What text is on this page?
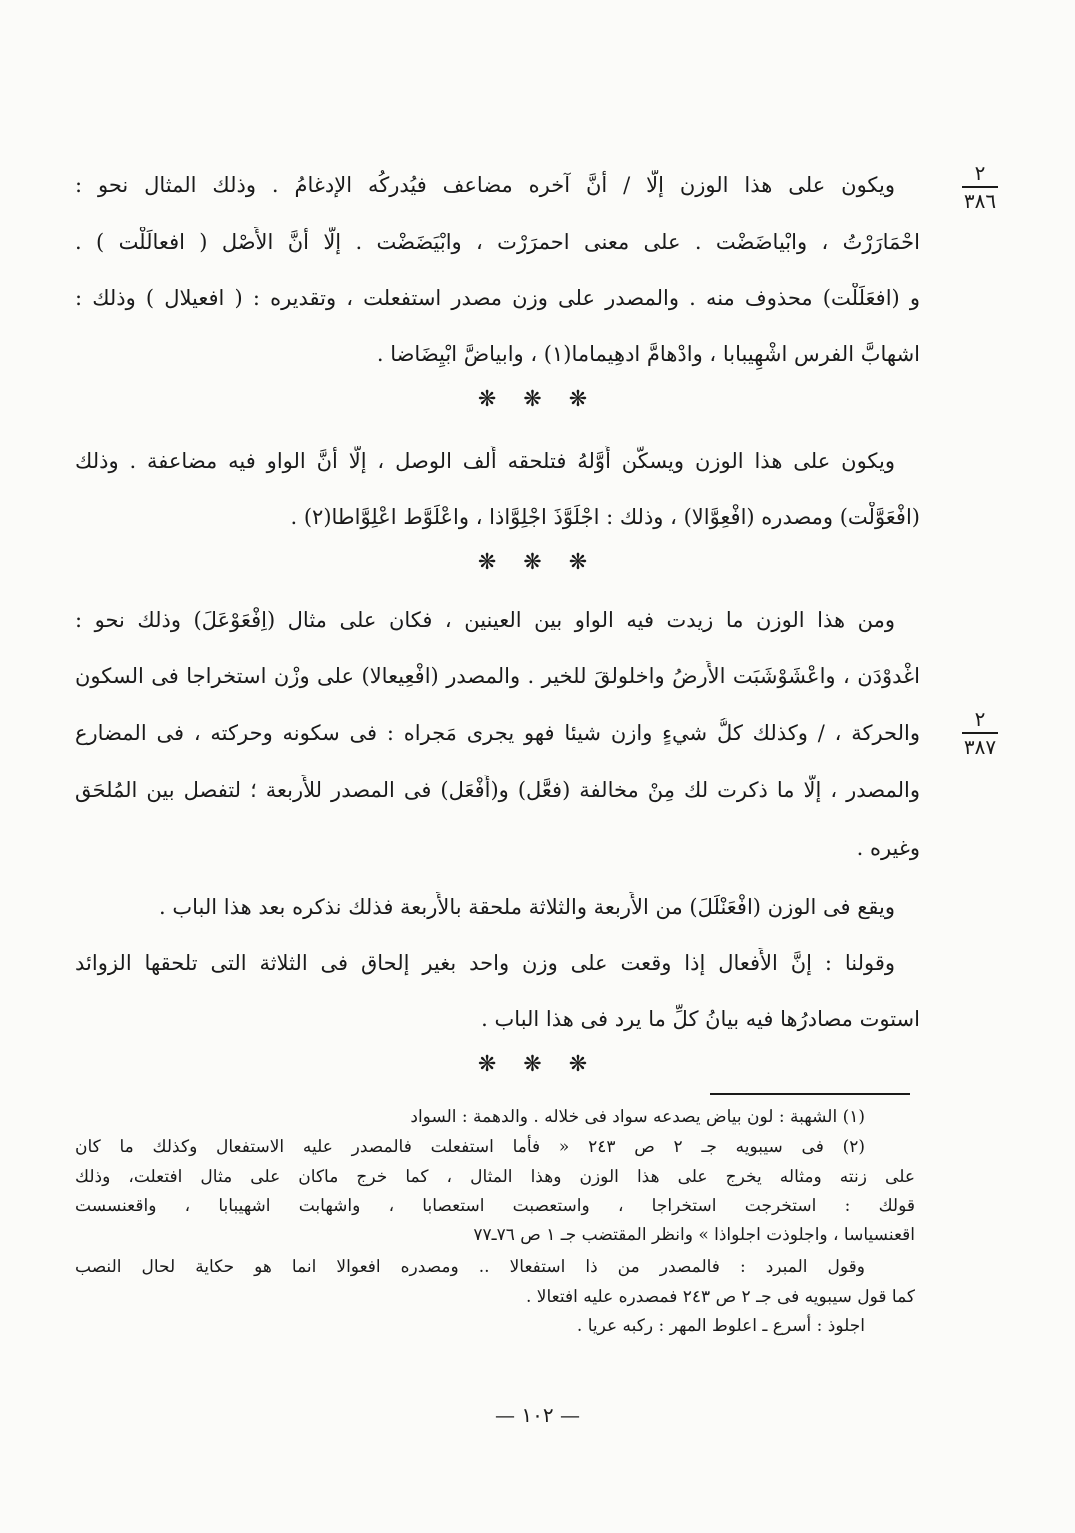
٢
٣٨٦
٢
٣٨٧
ويكون على هذا الوزن إلّا / أنَّ آخره مضاعف فيُدركُه الإدغامُ . وذلك المثال نحو :
احْمَارَرْتُ ، وابْياضَضْت . على معنى احمرَرْت ، وابْيَضَضْت . إلّا أنَّ الأَصْل ( افعالَلْت ) .
و (افعَلَلْت) محذوف منه . والمصدر على وزن مصدر استفعلت ، وتقديره : ( افعيلال ) وذلك :
اشهابَّ الفرس اشْهِيبابا ، وادْهامَّ ادهِيماما(١) ، وابياضَّ ابْيِضَاضا .
❋ ❋ ❋
ويكون على هذا الوزن ويسكَّن أَوَّلهُ فتلحقه أَلف الوصل ، إلّا أنَّ الواو فيه مضاعفة . وذلك
(افْعَوَّلْت) ومصدره (افْعِوَّالا) ، وذلك : اجْلَوَّذَ اجْلِوَّاذا ، واعْلَوَّط اعْلِوَّاطا(٢) .
❋ ❋ ❋
ومن هذا الوزن ما زيدت فيه الواو بين العينين ، فكان على مثال (اِفْعَوْعَلَ) وذلك نحو :
اغْدوْدَن ، واعْشَوْشَبَت الأَرضُ واخلولقَ للخير . والمصدر (افْعِيعالا) على وزْن استخراجا فى السكون
والحركة ، / وكذلك كلُّ شيءٍ وازن شيئا فهو يجرى مَجراه : فى سكونه وحركته ، فى المضارع
والمصدر ، إلّا ما ذكرت لك مِنْ مخالفة (فعَّل) و(أَفْعَل) فى المصدر للأَربعة ؛ لتفصل بين المُلحَق
وغيره .
ويقع فى الوزن (افْعَنْلَلَ) من الأَربعة والثلاثة ملحقة بالأَربعة فذلك نذكره بعد هذا الباب .
وقولنا : إنَّ الأَفعال إذا وقعت على وزن واحد بغير إلحاق فى الثلاثة التى تلحقها الزوائد
استوت مصادرُها فيه بيانُ كلِّ ما يرد فى هذا الباب .
❋ ❋ ❋
(١) الشهبة : لون بياض يصدعه سواد فى خلاله . والدهمة : السواد
(٢) فى سيبويه جـ ٢ ص ٢٤٣ « فأما استفعلت فالمصدر عليه الاستفعال وكذلك ما كان
على زنته ومثاله يخرج على هذا الوزن وهذا المثال ، كما خرج ماكان على مثال افتعلت، وذلك
قولك : استخرجت استخراجا ، واستعصبت استعصابا ، واشهابت اشهيبابا ، واقعنسست
اقعنسياسا ، واجلوذت اجلواذا » وانظر المقتضب جـ ١ ص ٧٦ـ٧٧
وقول المبرد : فالمصدر من ذا استفعالا .. ومصدره افعوالا انما هو حكاية لحال النصب
كما قول سيبويه فى جـ ٢ ص ٢٤٣ فمصدره عليه افتعالا .
اجلوذ : أسرع ـ اعلوط المهر : ركبه عريا .
— ١٠٢ —
